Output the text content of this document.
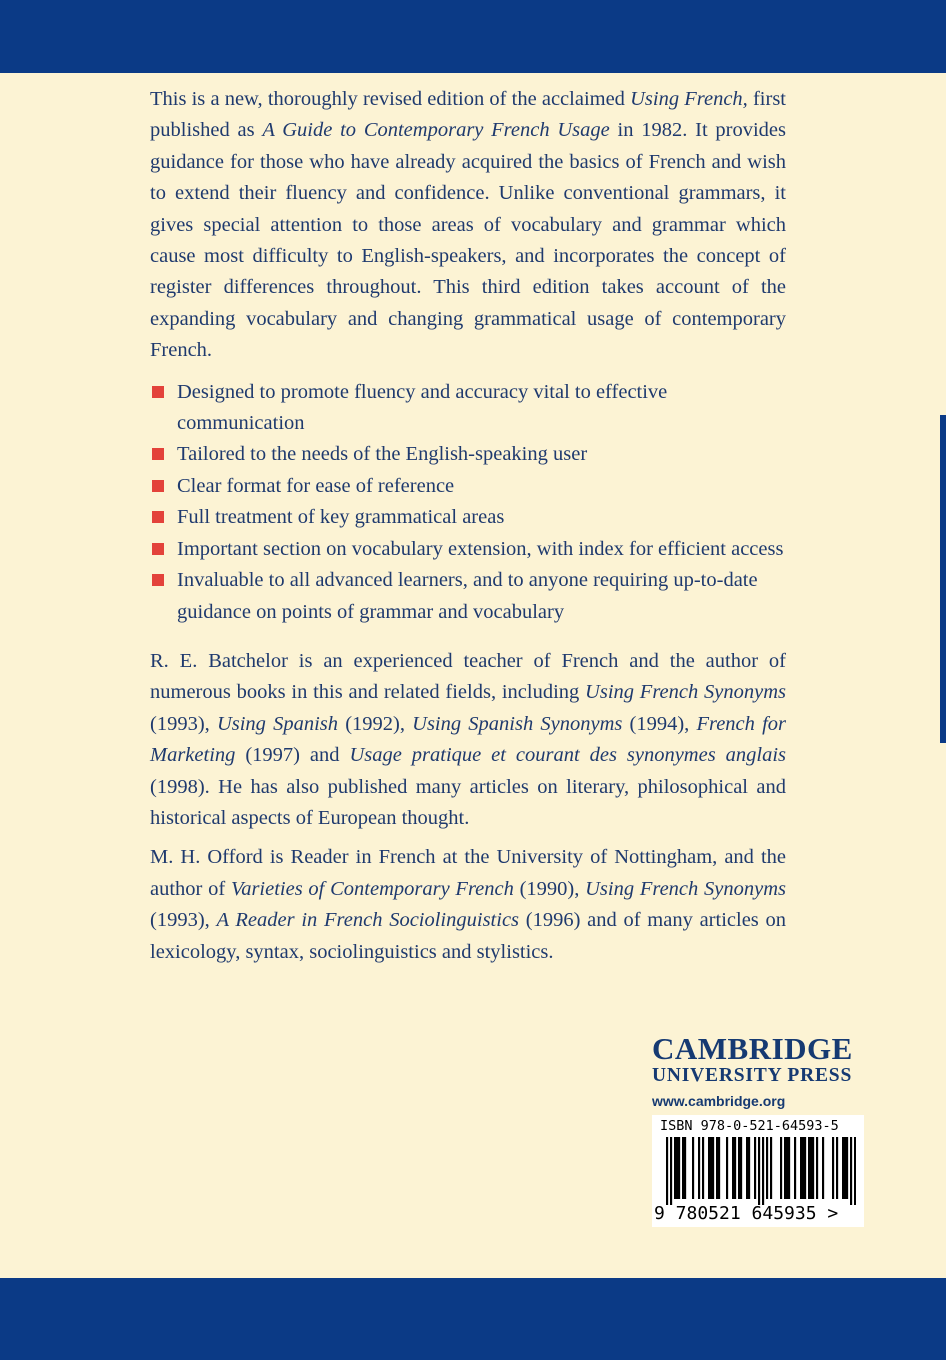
This is a new, thoroughly revised edition of the acclaimed Using French, first published as A Guide to Contemporary French Usage in 1982. It provides guidance for those who have already acquired the basics of French and wish to extend their fluency and confidence. Unlike conventional grammars, it gives special attention to those areas of vocabulary and grammar which cause most difficulty to English-speakers, and incorporates the concept of register differences throughout. This third edition takes account of the expanding vocabulary and changing grammatical usage of contemporary French.

Designed to promote fluency and accuracy vital to effective communication
Tailored to the needs of the English-speaking user
Clear format for ease of reference
Full treatment of key grammatical areas
Important section on vocabulary extension, with index for efficient access
Invaluable to all advanced learners, and to anyone requiring up-to-date guidance on points of grammar and vocabulary

R. E. Batchelor is an experienced teacher of French and the author of numerous books in this and related fields, including Using French Synonyms (1993), Using Spanish (1992), Using Spanish Synonyms (1994), French for Marketing (1997) and Usage pratique et courant des synonymes anglais (1998). He has also published many articles on literary, philosophical and historical aspects of European thought.

M. H. Offord is Reader in French at the University of Nottingham, and the author of Varieties of Contemporary French (1990), Using French Synonyms (1993), A Reader in French Sociolinguistics (1996) and of many articles on lexicology, syntax, sociolinguistics and stylistics.

CAMBRIDGE
UNIVERSITY PRESS
www.cambridge.org
ISBN 978-0-521-64593-5
9 780521 645935 >
